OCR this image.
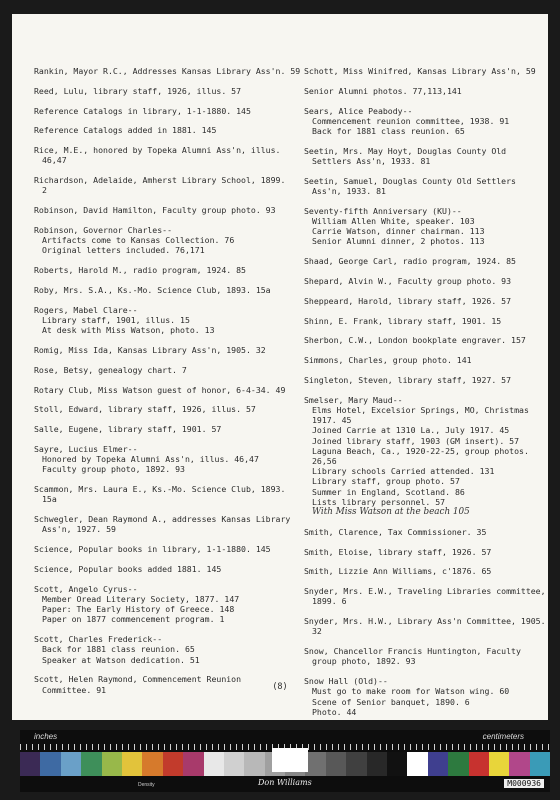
Rankin, Mayor R.C., Addresses Kansas Library Ass'n. 59
Reed, Lulu, library staff, 1926, illus. 57
Reference Catalogs in library, 1-1-1880. 145
Reference Catalogs added in 1881. 145
Rice, M.E., honored by Topeka Alumni Ass'n, illus.
46,47
Richardson, Adelaide, Amherst Library School, 1899.
2
Robinson, David Hamilton, Faculty group photo. 93
Robinson, Governor Charles--
Artifacts come to Kansas Collection. 76
Original letters included. 76,171
Roberts, Harold M., radio program, 1924. 85
Roby, Mrs. S.A., Ks.-Mo. Science Club, 1893. 15a
Rogers, Mabel Clare--
Library staff, 1901, illus. 15
At desk with Miss Watson, photo. 13
Romig, Miss Ida, Kansas Library Ass'n, 1905. 32
Rose, Betsy, genealogy chart. 7
Rotary Club, Miss Watson guest of honor, 6-4-34. 49
Stoll, Edward, library staff, 1926, illus. 57
Salle, Eugene, library staff, 1901. 57
Sayre, Lucius Elmer--
Honored by Topeka Alumni Ass'n, illus. 46,47
Faculty group photo, 1892. 93
Scammon, Mrs. Laura E., Ks.-Mo. Science Club, 1893.
15a
Schwegler, Dean Raymond A., addresses Kansas Library
Ass'n, 1927. 59
Science, Popular books in library, 1-1-1880. 145
Science, Popular books added 1881. 145
Scott, Angelo Cyrus--
Member Oread Literary Society, 1877. 147
Paper: The Early History of Greece. 148
Paper on 1877 commencement program. 1
Scott, Charles Frederick--
Back for 1881 class reunion. 65
Speaker at Watson dedication. 51
Scott, Helen Raymond, Commencement Reunion
Committee. 91
Schott, Miss Winifred, Kansas Library Ass'n, 59
Senior Alumni photos. 77,113,141
Sears, Alice Peabody--
Commencement reunion committee, 1938. 91
Back for 1881 class reunion. 65
Seetin, Mrs. May Hoyt, Douglas County Old
Settlers Ass'n, 1933. 81
Seetin, Samuel, Douglas County Old Settlers
Ass'n, 1933. 81
Seventy-fifth Anniversary (KU)--
William Allen White, speaker. 103
Carrie Watson, dinner chairman. 113
Senior Alumni dinner, 2 photos. 113
Shaad, George Carl, radio program, 1924. 85
Shepard, Alvin W., Faculty group photo. 93
Sheppeard, Harold, library staff, 1926. 57
Shinn, E. Frank, library staff, 1901. 15
Sherbon, C.W., London bookplate engraver. 157
Simmons, Charles, group photo. 141
Singleton, Steven, library staff, 1927. 57
Smelser, Mary Maud--
Elms Hotel, Excelsior Springs, MO, Christmas
1917. 45
Joined Carrie at 1310 La., July 1917. 45
Joined library staff, 1903 (GM insert). 57
Laguna Beach, Ca., 1920-22-25, group photos.
26,56
Library schools Carried attended. 131
Library staff, group photo. 57
Summer in England, Scotland. 86
Lists library personnel. 57
With Miss Watson at the beach 105
Smith, Clarence, Tax Commissioner. 35
Smith, Eloise, library staff, 1926. 57
Smith, Lizzie Ann Williams, c'1876. 65
Snyder, Mrs. E.W., Traveling Libraries committee,
1899. 6
Snyder, Mrs. H.W., Library Ass'n Committee, 1905.
32
Snow, Chancellor Francis Huntington, Faculty
group photo, 1892. 93
Snow Hall (Old)--
Must go to make room for Watson wing. 60
Scene of Senior banquet, 1890. 6
Photo. 44
(8)
inches	centimeters
Density	Don Williams	M000936
